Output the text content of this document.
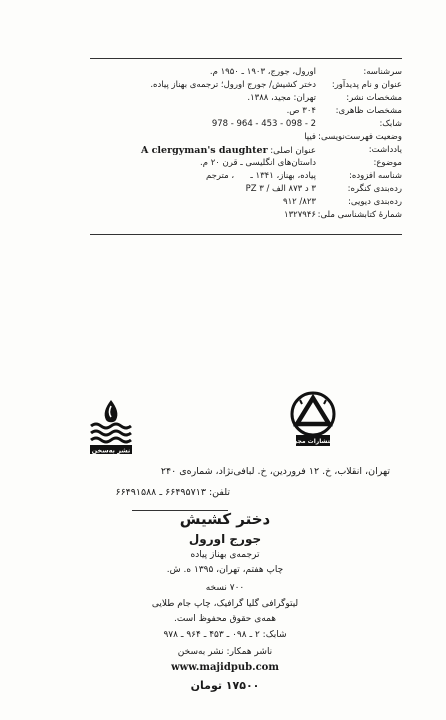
سرشناسه:
اورول، جورج، ۱۹۰۳ ـ ۱۹۵۰ م.
عنوان و نام پدیدآور:
دختر کشیش/ جورج اورول؛ ترجمه‌ی بهناز پیاده.
مشخصات نشر:
تهران: مجید، ۱۳۸۸.
مشخصات ظاهری:
۳۰۴ ص.
شابک:
978 - 964 - 453 - 098 - 2
وضعیت فهرست‌نویسی:
فیپا
یادداشت:
عنوان اصلی: A clergyman's daughter
موضوع:
داستان‌های انگلیسی ـ قرن ۲۰ م.
شناسه افزوده:
پیاده، بهناز، ۱۳۴۱ ـ      ، مترجم
رده‌بندی کنگره:
۳ د ۸۷۳ الف / PZ ۳
رده‌بندی دیویی:
۸۲۳/ ۹۱۲
شمارهٔ کتابشناسی ملی:
۱۳۲۷۹۴۶
نشر به‌سخن
انتشارات مجید
تهران، انقلاب، خ. ۱۲ فروردین، خ. لبافی‌نژاد، شماره‌ی ۲۴۰
تلفن: ۶۶۴۹۵۷۱۳ ـ ۶۶۴۹۱۵۸۸
دختر کشیش
جورج اورول
ترجمه‌ی بهناز پیاده
چاپ هفتم، تهران، ۱۳۹۵ ه. ش.
۷۰۰ نسخه
لیتوگرافی گلیا گرافیک، چاپ جام طلایی
همه‌ی حقوق محفوظ است.
شابک: ۲ ـ ۰۹۸ ـ ۴۵۳ ـ ۹۶۴ ـ ۹۷۸
ناشر همکار: نشر به‌سخن
www.majidpub.com
۱۷۵۰۰ تومان
